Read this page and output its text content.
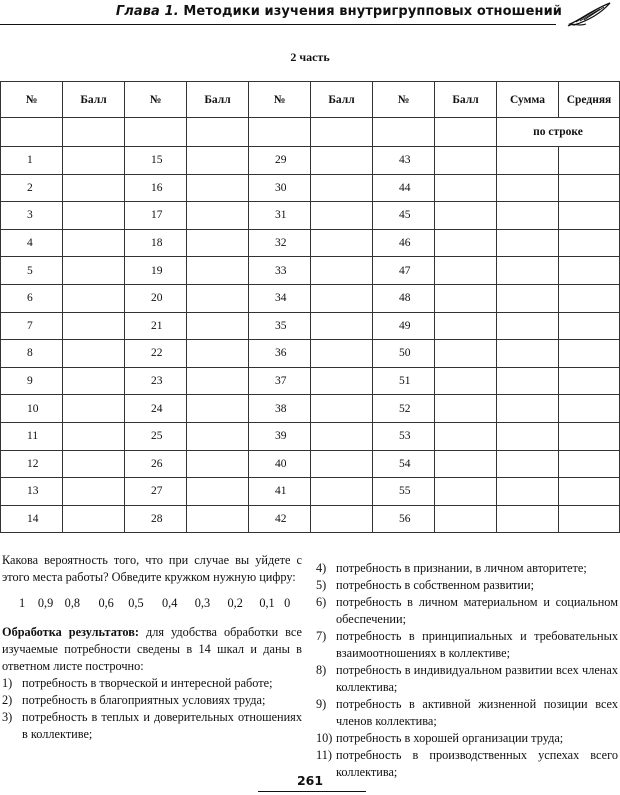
Глава 1. Методики изучения внутригрупповых отношений
2 часть
№	Балл	№	Балл	№	Балл	№	Балл	Сумма	Средняя
								по строке	
1		15		29		43			
2		16		30		44			
3		17		31		45			
4		18		32		46			
5		19		33		47			
6		20		34		48			
7		21		35		49			
8		22		36		50			
9		23		37		51			
10		24		38		52			
11		25		39		53			
12		26		40		54			
13		27		41		55			
14		28		42		56			

Какова вероятность того, что при случае вы уйдете с этого места работы? Обведите кружком нужную цифру:

1	0,9 0,8	0,6	0,5	0,4	0,3	0,2	0,1 0

Обработка результатов: для удобства обработки все изучаемые потребности сведены в 14 шкал и даны в ответном листе построчно:

1) потребность в творческой и интересной работе;
2) потребность в благоприятных условиях труда;
3) потребность в теплых и доверительных отношениях в коллективе;
4) потребность в признании, в личном авторитете;
5) потребность в собственном развитии;
6) потребность в личном материальном и социальном обеспечении;
7) потребность в принципиальных и требовательных взаимоотношениях в коллективе;
8) потребность в индивидуальном развитии всех членах коллектива;
9) потребность в активной жизненной позиции всех членов коллектива;
10) потребность в хорошей организации труда;
11) потребность в производственных успехах всего коллектива;
261
